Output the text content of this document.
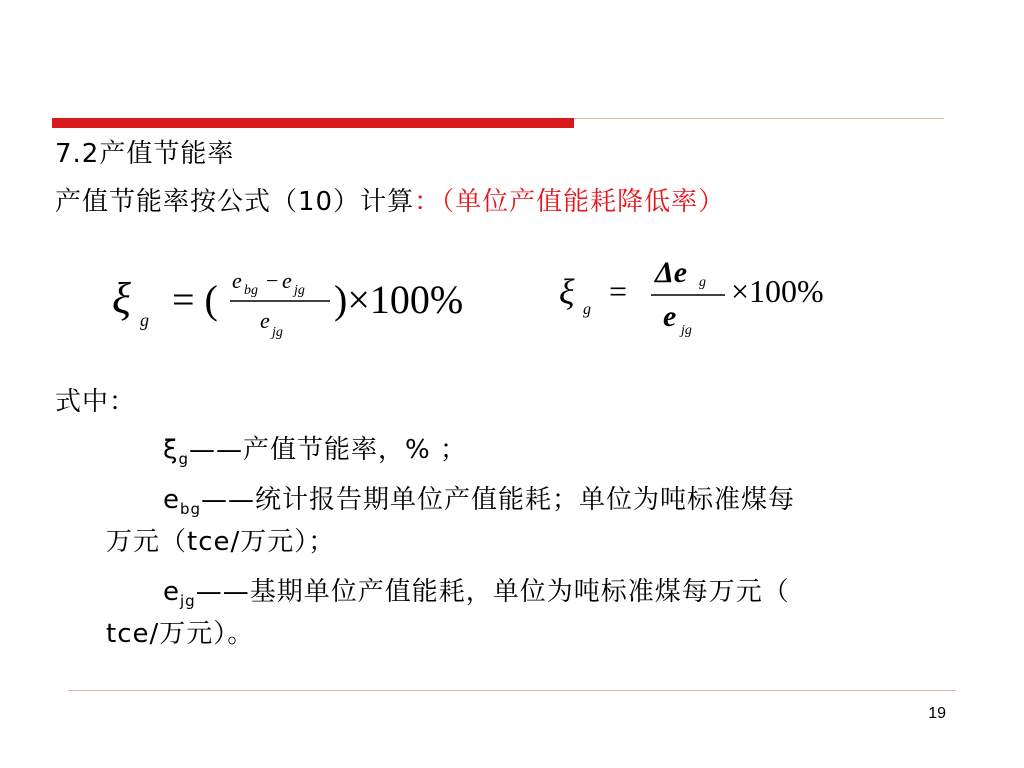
7.2产值节能率
产值节能率按公式（10）计算：（单位产值能耗降低率）
ξ g = ( e bg − e jg
e jg
)×100%	ξ g
=
Δe g
e jg
×100%
式中：
$\xi_g——$产值节能率，% ；
$e_{bg}——$统计报告期单位产值能耗；单位为吨标准煤每
万元（tce/万元）；
$e_{jg}——$基期单位产值能耗，单位为吨标准煤每万元（
tce/万元）。
19
